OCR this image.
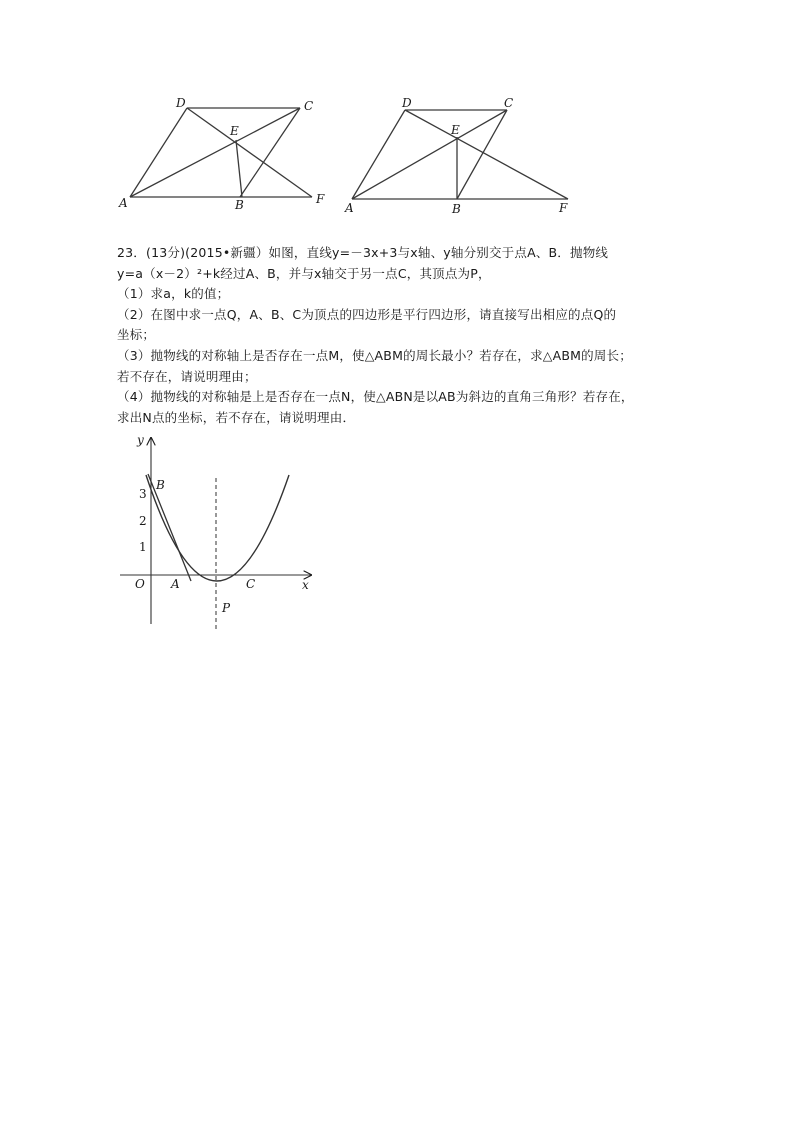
A	B
C
D
E
F
A	B
C
D
E
F
23．(13分)(2015•新疆）如图，直线y=－3x+3与x轴、y轴分别交于点A、B．抛物线
y=a（x－2）²+k经过A、B，并与x轴交于另一点C，其顶点为P，
（1）求a，k的值；
（2）在图中求一点Q，A、B、C为顶点的四边形是平行四边形，请直接写出相应的点Q的
坐标；
（3）抛物线的对称轴上是否存在一点M，使△ABM的周长最小？若存在，求△ABM的周长；
若不存在，请说明理由；
（4）抛物线的对称轴是上是否存在一点N，使△ABN是以AB为斜边的直角三角形？若存在，
求出N点的坐标，若不存在，请说明理由．
y
x
O
3
2
1
B
A	C
P
